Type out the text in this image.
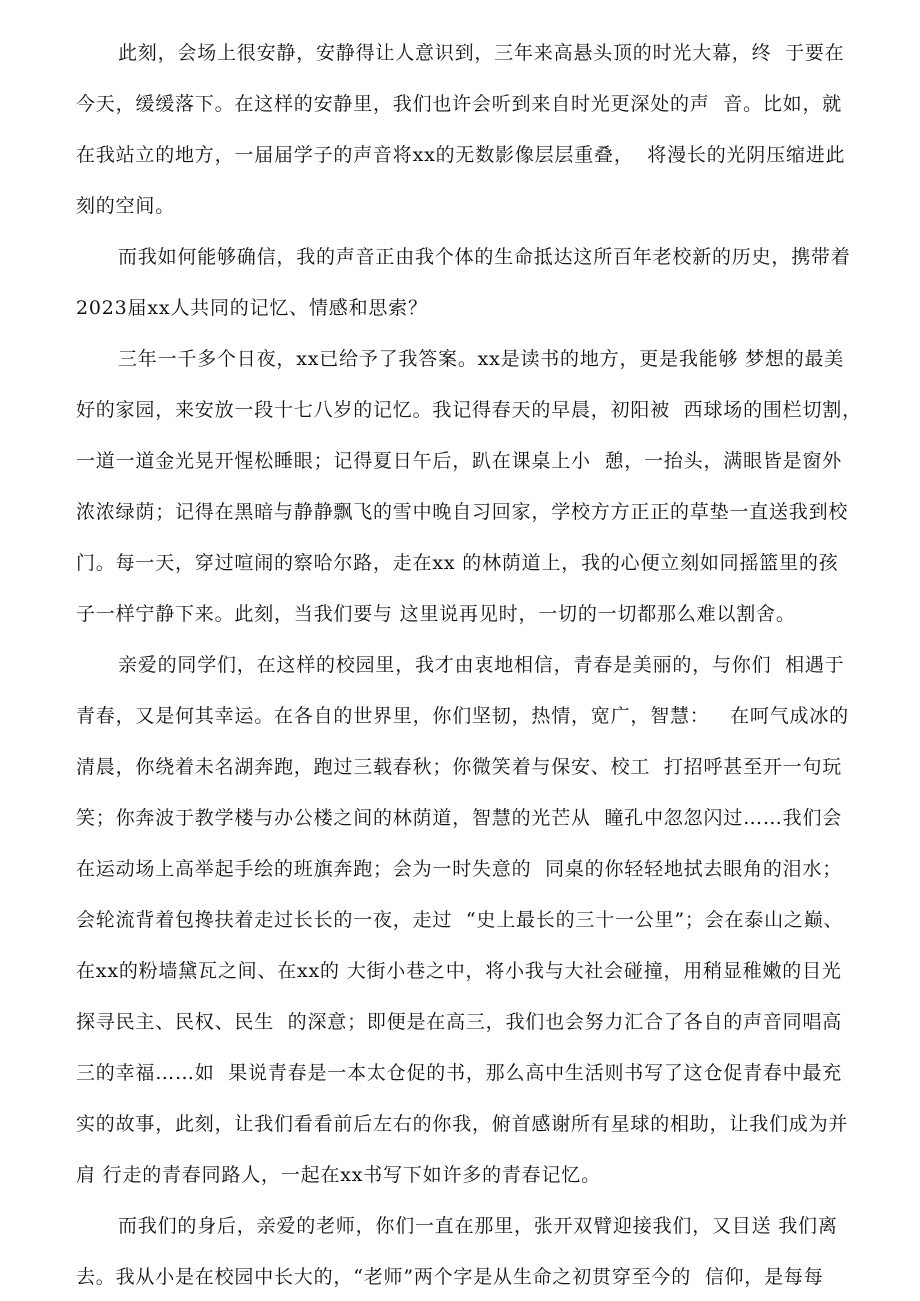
此刻，会场上很安静，安静得让人意识到，三年来高悬头顶的时光大幕，终  于要在
今天，缓缓落下。在这样的安静里，我们也许会听到来自时光更深处的声  音。比如，就
在我站立的地方，一届届学子的声音将xx的无数影像层层重叠，  将漫长的光阴压缩进此
刻的空间。
而我如何能够确信，我的声音正由我个体的生命抵达这所百年老校新的历史，携带着
2023届xx人共同的记忆、情感和思索？
三年一千多个日夜，xx已给予了我答案。xx是读书的地方，更是我能够 梦想的最美
好的家园，来安放一段十七八岁的记忆。我记得春天的早晨，初阳被  西球场的围栏切割，
一道一道金光晃开惺松睡眼；记得夏日午后，趴在课桌上小  憩，一抬头，满眼皆是窗外
浓浓绿荫；记得在黑暗与静静飘飞的雪中晚自习回家，学校方方正正的草垫一直送我到校
门。每一天，穿过喧闹的察哈尔路，走在xx 的林荫道上，我的心便立刻如同摇篮里的孩
子一样宁静下来。此刻，当我们要与 这里说再见时，一切的一切都那么难以割舍。
亲爱的同学们，在这样的校园里，我才由衷地相信，青春是美丽的，与你们  相遇于
青春，又是何其幸运。在各自的世界里，你们坚韧，热情，宽广，智慧：   在呵气成冰的
清晨，你绕着未名湖奔跑，跑过三载春秋；你微笑着与保安、校工  打招呼甚至开一句玩
笑；你奔波于教学楼与办公楼之间的林荫道，智慧的光芒从  瞳孔中忽忽闪过……我们会
在运动场上高举起手绘的班旗奔跑；会为一时失意的  同桌的你轻轻地拭去眼角的泪水；
会轮流背着包搀扶着走过长长的一夜，走过  “史上最长的三十一公里”；会在泰山之巅、
在xx的粉墙黛瓦之间、在xx的 大街小巷之中，将小我与大社会碰撞，用稍显稚嫩的目光
探寻民主、民权、民生  的深意；即便是在高三，我们也会努力汇合了各自的声音同唱高
三的幸福……如  果说青春是一本太仓促的书，那么高中生活则书写了这仓促青春中最充
实的故事，此刻，让我们看看前后左右的你我，俯首感谢所有星球的相助，让我们成为并
肩 行走的青春同路人，一起在xx书写下如许多的青春记忆。
而我们的身后，亲爱的老师，你们一直在那里，张开双臂迎接我们，又目送 我们离
去。我从小是在校园中长大的，“老师”两个字是从生命之初贯穿至今的  信仰，是每每
